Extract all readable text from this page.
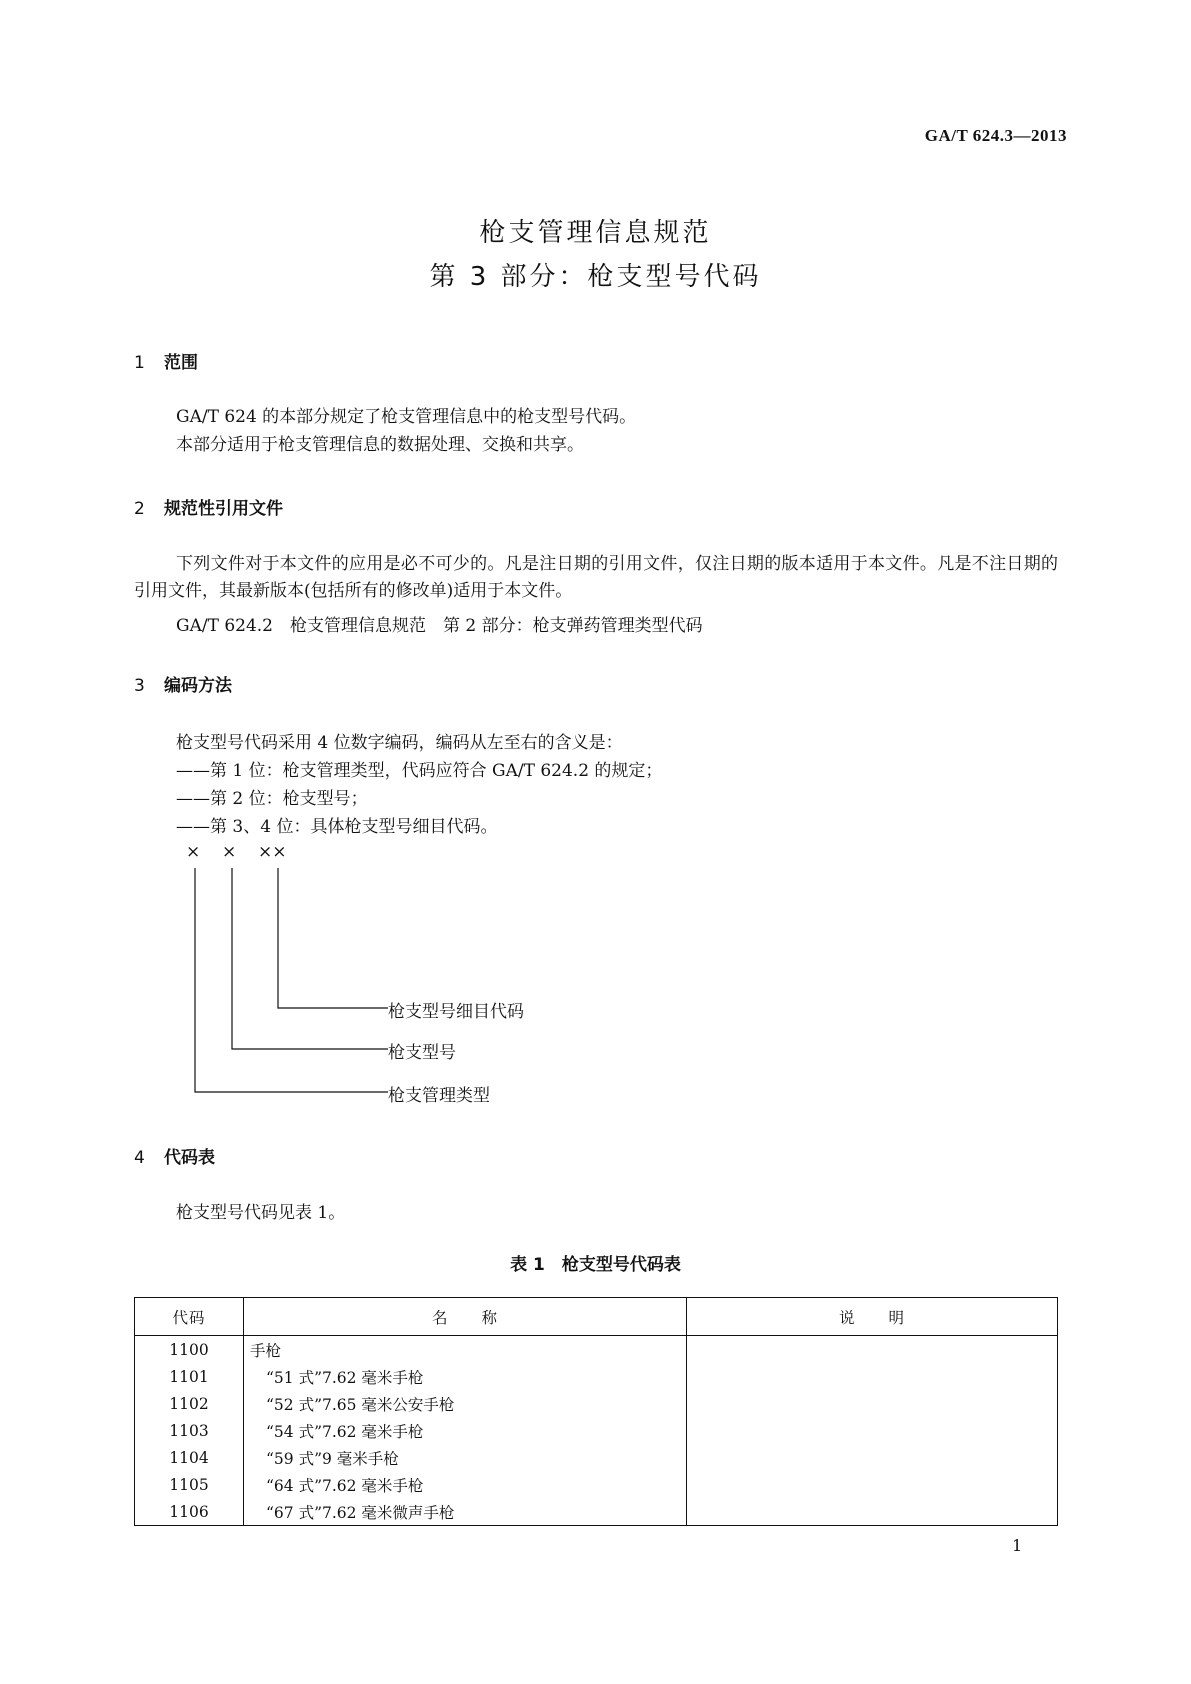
GA/T 624.3—2013
枪支管理信息规范
第 3 部分：枪支型号代码
1 范围
GA/T 624 的本部分规定了枪支管理信息中的枪支型号代码。
本部分适用于枪支管理信息的数据处理、交换和共享。
2 规范性引用文件
下列文件对于本文件的应用是必不可少的。凡是注日期的引用文件，仅注日期的版本适用于本文件。凡是不注日期的引用文件，其最新版本(包括所有的修改单)适用于本文件。
GA/T 624.2　枪支管理信息规范　第 2 部分：枪支弹药管理类型代码
3 编码方法
枪支型号代码采用 4 位数字编码，编码从左至右的含义是：
——第 1 位：枪支管理类型，代码应符合 GA/T 624.2 的规定；
——第 2 位：枪支型号；
——第 3、4 位：具体枪支型号细目代码。
× × ××
枪支型号细目代码
枪支型号
枪支管理类型
4 代码表
枪支型号代码见表 1。
表 1　枪支型号代码表
代码	名　　称	说　　明
1100	手枪	
1101	“51 式”7.62 毫米手枪	
1102	“52 式”7.65 毫米公安手枪	
1103	“54 式”7.62 毫米手枪	
1104	“59 式”9 毫米手枪	
1105	“64 式”7.62 毫米手枪	
1106	“67 式”7.62 毫米微声手枪	
1
